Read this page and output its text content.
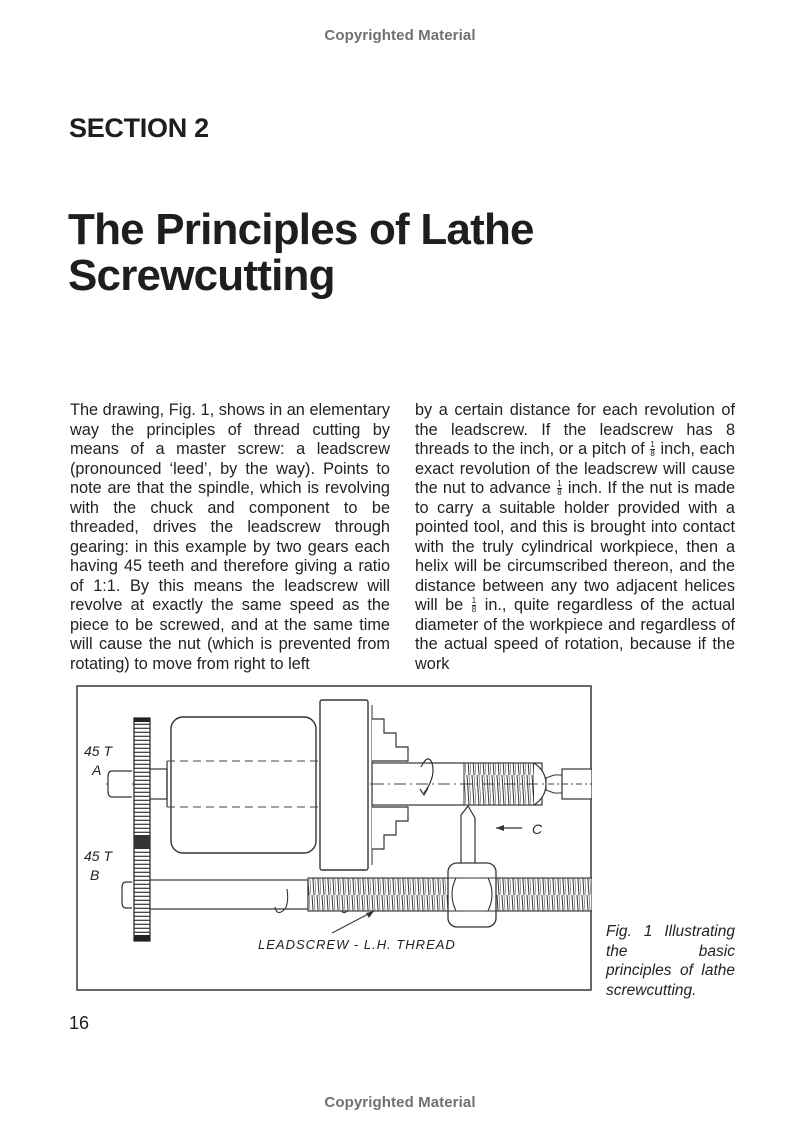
Copyrighted Material
SECTION 2
The Principles of Lathe Screwcutting

The drawing, Fig. 1, shows in an elementary way the principles of thread cutting by means of a master screw: a leadscrew (pronounced ‘leed’, by the way). Points to note are that the spindle, which is revolving with the chuck and component to be threaded, drives the leadscrew through gearing: in this example by two gears each having 45 teeth and therefore giving a ratio of 1:1. By this means the leadscrew will revolve at exactly the same speed as the piece to be screwed, and at the same time will cause the nut (which is prevented from rotating) to move from right to left

by a certain distance for each revolution of the leadscrew. If the leadscrew has 8 threads to the inch, or a pitch of $\frac{1}{8}$ inch, each exact revolution of the leadscrew will cause the nut to advance $\frac{1}{8}$ inch. If the nut is made to carry a suitable holder provided with a pointed tool, and this is brought into contact with the truly cylindrical workpiece, then a helix will be circumscribed thereon, and the distance between any two adjacent helices will be $\frac{1}{8}$ in., quite regardless of the actual diameter of the workpiece and regardless of the actual speed of rotation, because if the work

45 T
A
45 T
B
C
LEADSCREW - L.H. THREAD
Fig. 1 Illustrating the basic principles of lathe screwcutting.
16
Copyrighted Material
